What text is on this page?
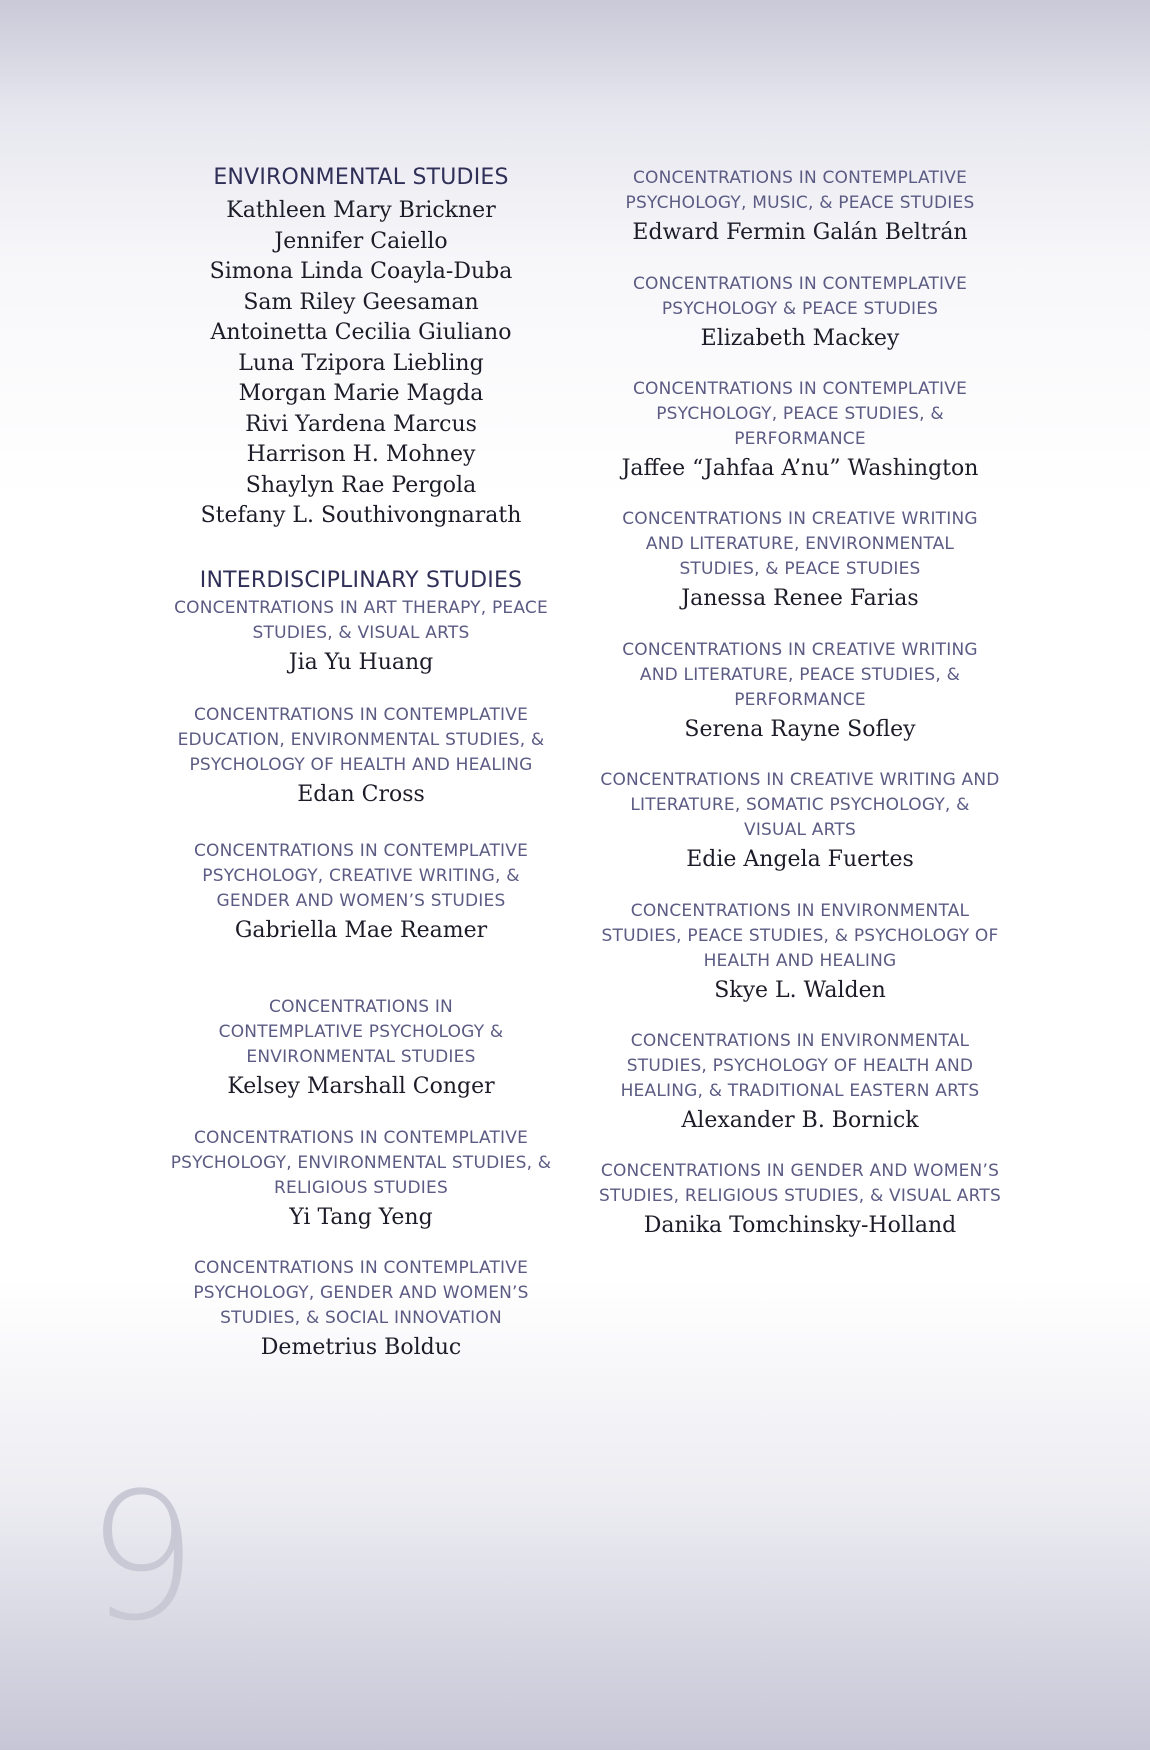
ENVIRONMENTAL STUDIES
Kathleen Mary Brickner
Jennifer Caiello
Simona Linda Coayla-Duba
Sam Riley Geesaman
Antoinetta Cecilia Giuliano
Luna Tzipora Liebling
Morgan Marie Magda
Rivi Yardena Marcus
Harrison H. Mohney
Shaylyn Rae Pergola
Stefany L. Southivongnarath
INTERDISCIPLINARY STUDIES

CONCENTRATIONS IN ART THERAPY, PEACE STUDIES, & VISUAL ARTS

Jia Yu Huang

CONCENTRATIONS IN CONTEMPLATIVE EDUCATION, ENVIRONMENTAL STUDIES, & PSYCHOLOGY OF HEALTH AND HEALING

Edan Cross

CONCENTRATIONS IN CONTEMPLATIVE PSYCHOLOGY, CREATIVE WRITING, & GENDER AND WOMEN’S STUDIES

Gabriella Mae Reamer

CONCENTRATIONS IN CONTEMPLATIVE PSYCHOLOGY & ENVIRONMENTAL STUDIES

Kelsey Marshall Conger

CONCENTRATIONS IN CONTEMPLATIVE PSYCHOLOGY, ENVIRONMENTAL STUDIES, & RELIGIOUS STUDIES

Yi Tang Yeng

CONCENTRATIONS IN CONTEMPLATIVE PSYCHOLOGY, GENDER AND WOMEN’S STUDIES, & SOCIAL INNOVATION

Demetrius Bolduc

CONCENTRATIONS IN CONTEMPLATIVE PSYCHOLOGY, MUSIC, & PEACE STUDIES

Edward Fermin Galán Beltrán

CONCENTRATIONS IN CONTEMPLATIVE PSYCHOLOGY & PEACE STUDIES

Elizabeth Mackey

CONCENTRATIONS IN CONTEMPLATIVE PSYCHOLOGY, PEACE STUDIES, & PERFORMANCE

Jaffee “Jahfaa A’nu” Washington

CONCENTRATIONS IN CREATIVE WRITING AND LITERATURE, ENVIRONMENTAL STUDIES, & PEACE STUDIES

Janessa Renee Farias

CONCENTRATIONS IN CREATIVE WRITING AND LITERATURE, PEACE STUDIES, & PERFORMANCE

Serena Rayne Sofley

CONCENTRATIONS IN CREATIVE WRITING AND LITERATURE, SOMATIC PSYCHOLOGY, & VISUAL ARTS

Edie Angela Fuertes

CONCENTRATIONS IN ENVIRONMENTAL STUDIES, PEACE STUDIES, & PSYCHOLOGY OF HEALTH AND HEALING

Skye L. Walden

CONCENTRATIONS IN ENVIRONMENTAL STUDIES, PSYCHOLOGY OF HEALTH AND HEALING, & TRADITIONAL EASTERN ARTS

Alexander B. Bornick

CONCENTRATIONS IN GENDER AND WOMEN’S STUDIES, RELIGIOUS STUDIES, & VISUAL ARTS

Danika Tomchinsky-Holland

9
